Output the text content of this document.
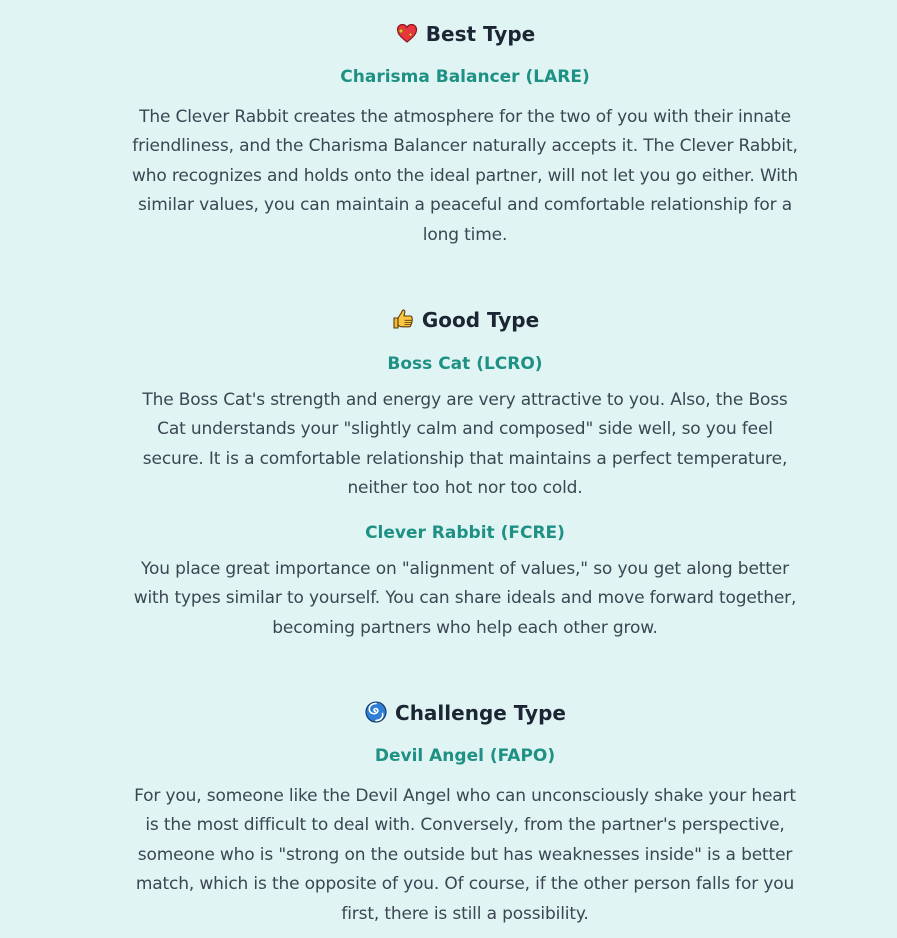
Best Type
Charisma Balancer (LARE)
The Clever Rabbit creates the atmosphere for the two of you with their innate friendliness, and the Charisma Balancer naturally accepts it. The Clever Rabbit, who recognizes and holds onto the ideal partner, will not let you go either. With similar values, you can maintain a peaceful and comfortable relationship for a long time.
Good Type
Boss Cat (LCRO)
The Boss Cat's strength and energy are very attractive to you. Also, the Boss Cat understands your "slightly calm and composed" side well, so you feel secure. It is a comfortable relationship that maintains a perfect temperature, neither too hot nor too cold.
Clever Rabbit (FCRE)
You place great importance on "alignment of values," so you get along better with types similar to yourself. You can share ideals and move forward together, becoming partners who help each other grow.
Challenge Type
Devil Angel (FAPO)
For you, someone like the Devil Angel who can unconsciously shake your heart is the most difficult to deal with. Conversely, from the partner's perspective, someone who is "strong on the outside but has weaknesses inside" is a better match, which is the opposite of you. Of course, if the other person falls for you first, there is still a possibility.
